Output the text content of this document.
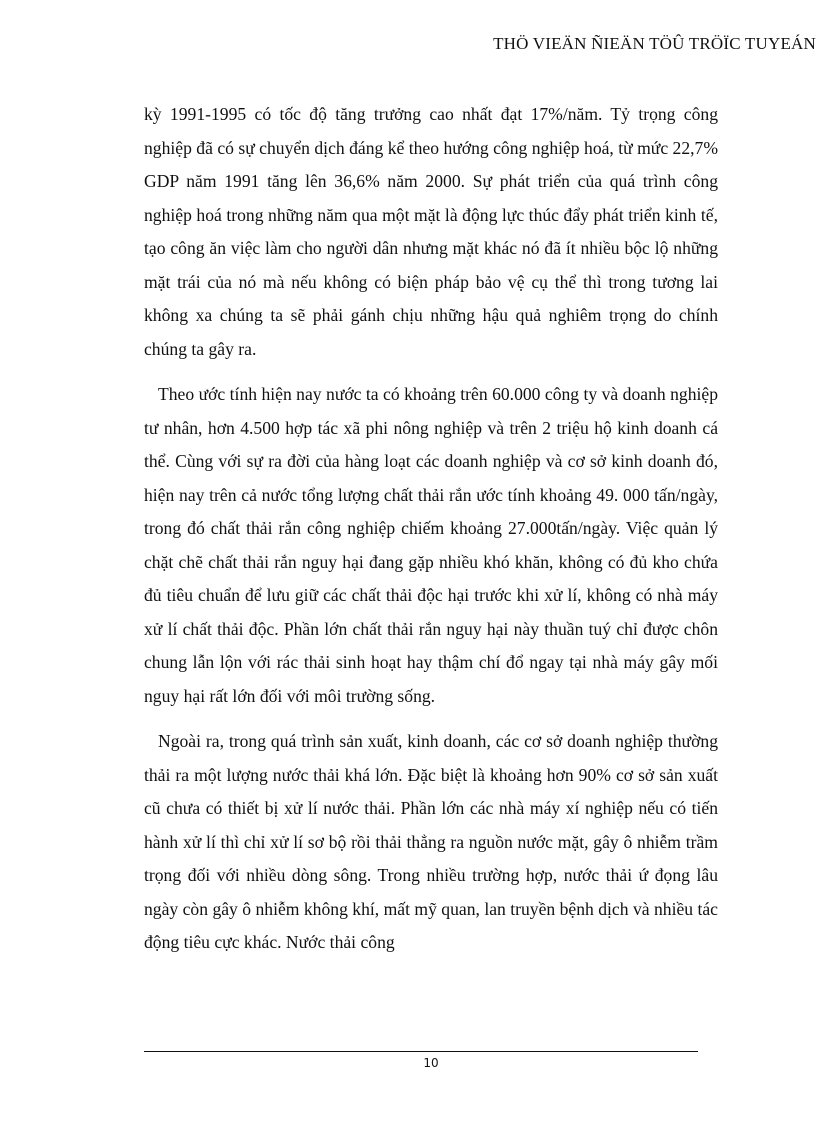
THÖ VIEÄN ÑIEÄN TÖÛ TRÖÏC TUYEÁN

kỳ 1991-1995 có tốc độ tăng trưởng cao nhất đạt 17%/năm. Tỷ trọng công nghiệp đã có sự chuyển dịch đáng kể theo hướng công nghiệp hoá, từ mức 22,7% GDP năm 1991 tăng lên 36,6% năm 2000. Sự phát triển của quá trình công nghiệp hoá trong những năm qua một mặt là động lực thúc đẩy phát triển kinh tế, tạo công ăn việc làm cho người dân nhưng mặt khác nó đã ít nhiều bộc lộ những mặt trái của nó mà nếu không có biện pháp bảo vệ cụ thể thì trong tương lai không xa chúng ta sẽ phải gánh chịu những hậu quả nghiêm trọng do chính chúng ta gây ra.

Theo ước tính hiện nay nước ta có khoảng trên 60.000 công ty và doanh nghiệp tư nhân, hơn 4.500 hợp tác xã phi nông nghiệp và trên 2 triệu hộ kinh doanh cá thể. Cùng với sự ra đời của hàng loạt các doanh nghiệp và cơ sở kinh doanh đó, hiện nay trên cả nước tổng lượng chất thải rắn ước tính khoảng 49. 000 tấn/ngày, trong đó chất thải rắn công nghiệp chiếm khoảng 27.000tấn/ngày. Việc quản lý chặt chẽ chất thải rắn nguy hại đang gặp nhiều khó khăn, không có đủ kho chứa đủ tiêu chuẩn để lưu giữ các chất thải độc hại trước khi xử lí, không có nhà máy xử lí chất thải độc. Phần lớn chất thải rắn nguy hại này thuần tuý chỉ được chôn chung lẫn lộn với rác thải sinh hoạt hay thậm chí đổ ngay tại nhà máy gây mối nguy hại rất lớn đối với môi trường sống.

Ngoài ra, trong quá trình sản xuất, kinh doanh, các cơ sở doanh nghiệp thường thải ra một lượng nước thải khá lớn. Đặc biệt là khoảng hơn 90% cơ sở sản xuất cũ chưa có thiết bị xử lí nước thải. Phần lớn các nhà máy xí nghiệp nếu có tiến hành xử lí thì chỉ xử lí sơ bộ rồi thải thẳng ra nguồn nước mặt, gây ô nhiễm trầm trọng đối với nhiều dòng sông. Trong nhiều trường hợp, nước thải ứ đọng lâu ngày còn gây ô nhiễm không khí, mất mỹ quan, lan truyền bệnh dịch và nhiều tác động tiêu cực khác. Nước thải công

10
